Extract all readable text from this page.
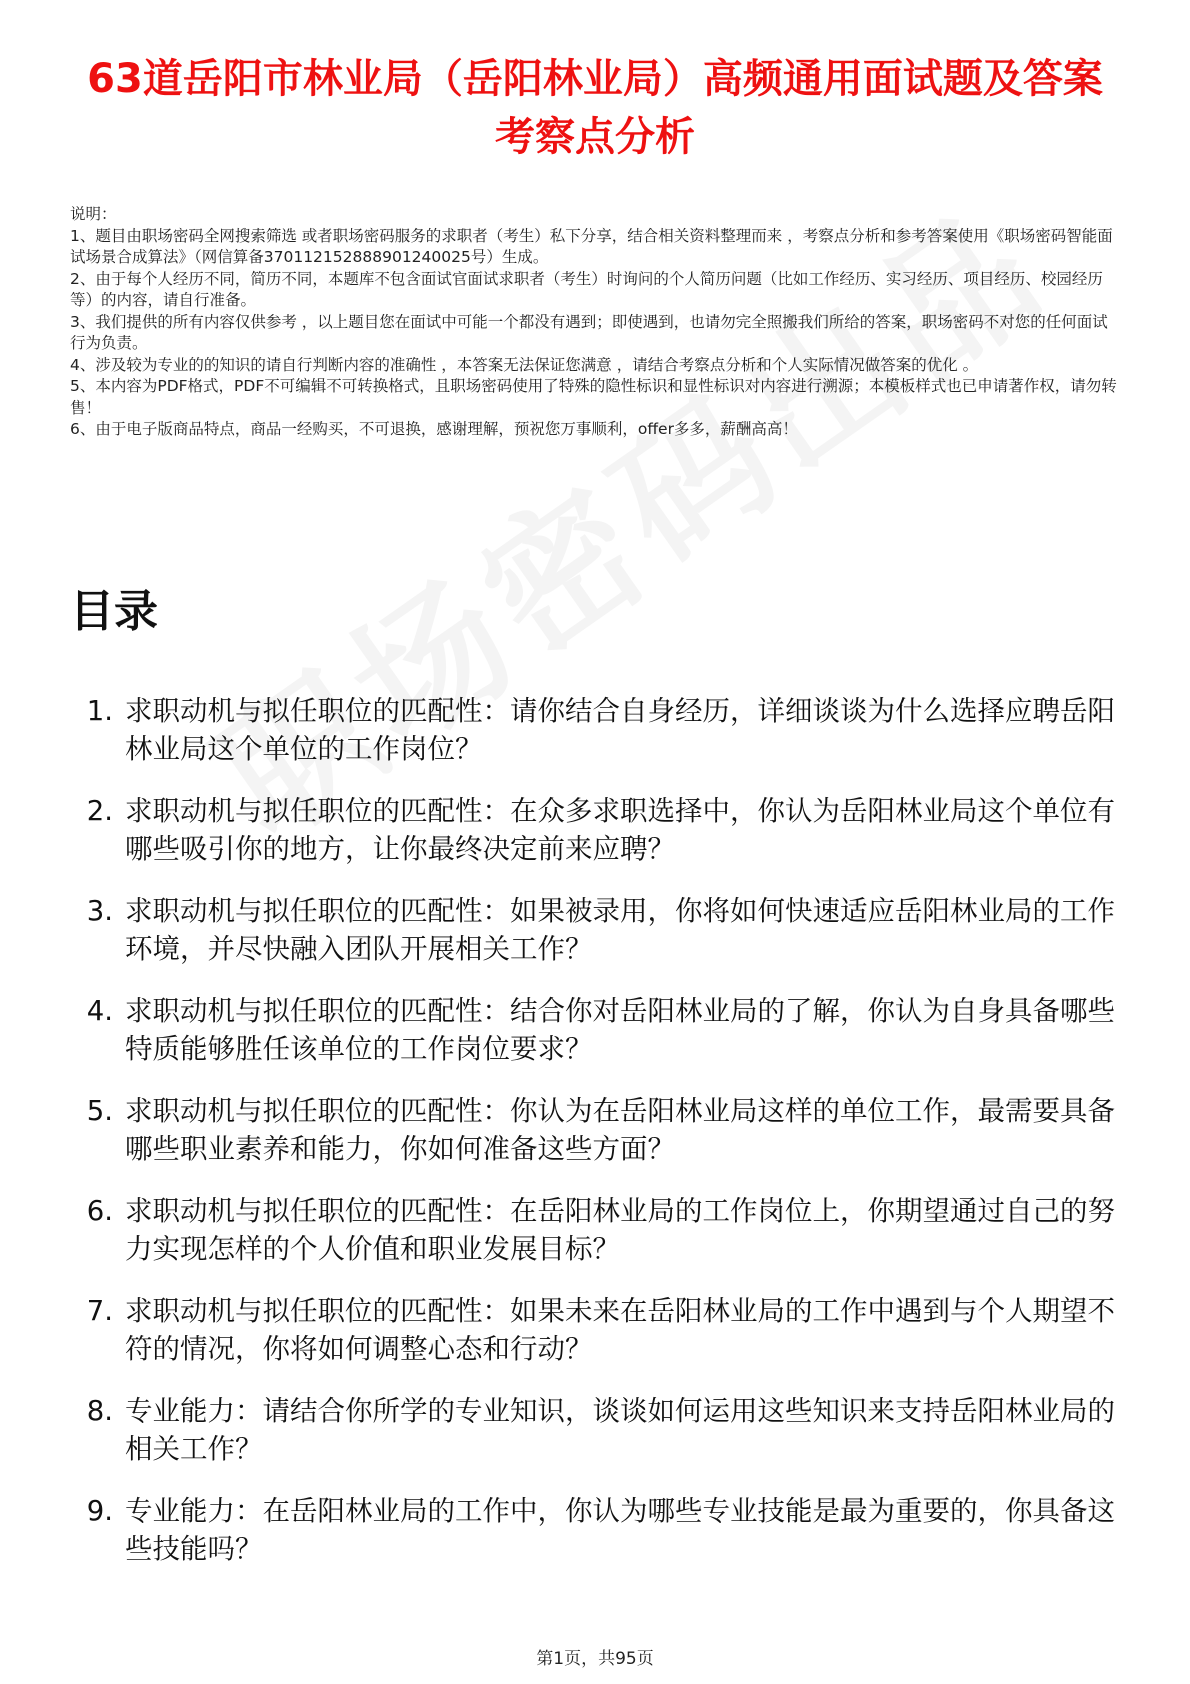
63道岳阳市林业局（岳阳林业局）高频通用面试题及答案考察点分析

说明：

1、题目由职场密码全网搜索筛选 或者职场密码服务的求职者（考生）私下分享，结合相关资料整理而来 ，考察点分析和参考答案使用《职场密码智能面试场景合成算法》（网信算备370112152888901240025号）生成。

2、由于每个人经历不同，简历不同，本题库不包含面试官面试求职者（考生）时询问的个人简历问题（比如工作经历、实习经历、项目经历、校园经历等）的内容，请自行准备。

3、我们提供的所有内容仅供参考 ，以上题目您在面试中可能一个都没有遇到；即使遇到，也请勿完全照搬我们所给的答案，职场密码不对您的任何面试行为负责。

4、涉及较为专业的的知识的请自行判断内容的准确性 ，本答案无法保证您满意 ，请结合考察点分析和个人实际情况做答案的优化 。

5、本内容为PDF格式，PDF不可编辑不可转换格式，且职场密码使用了特殊的隐性标识和显性标识对内容进行溯源；本模板样式也已申请著作权，请勿转售！

6、由于电子版商品特点，商品一经购买，不可退换，感谢理解，预祝您万事顺利，offer多多，薪酬高高！

目录
1. 求职动机与拟任职位的匹配性：请你结合自身经历，详细谈谈为什么选择应聘岳阳林业局这个单位的工作岗位？
2. 求职动机与拟任职位的匹配性：在众多求职选择中，你认为岳阳林业局这个单位有哪些吸引你的地方，让你最终决定前来应聘？
3. 求职动机与拟任职位的匹配性：如果被录用，你将如何快速适应岳阳林业局的工作环境，并尽快融入团队开展相关工作？
4. 求职动机与拟任职位的匹配性：结合你对岳阳林业局的了解，你认为自身具备哪些特质能够胜任该单位的工作岗位要求？
5. 求职动机与拟任职位的匹配性：你认为在岳阳林业局这样的单位工作，最需要具备哪些职业素养和能力，你如何准备这些方面？
6. 求职动机与拟任职位的匹配性：在岳阳林业局的工作岗位上，你期望通过自己的努力实现怎样的个人价值和职业发展目标？
7. 求职动机与拟任职位的匹配性：如果未来在岳阳林业局的工作中遇到与个人期望不符的情况，你将如何调整心态和行动？
8. 专业能力：请结合你所学的专业知识，谈谈如何运用这些知识来支持岳阳林业局的相关工作？
9. 专业能力：在岳阳林业局的工作中，你认为哪些专业技能是最为重要的，你具备这些技能吗？
第1页，共95页
